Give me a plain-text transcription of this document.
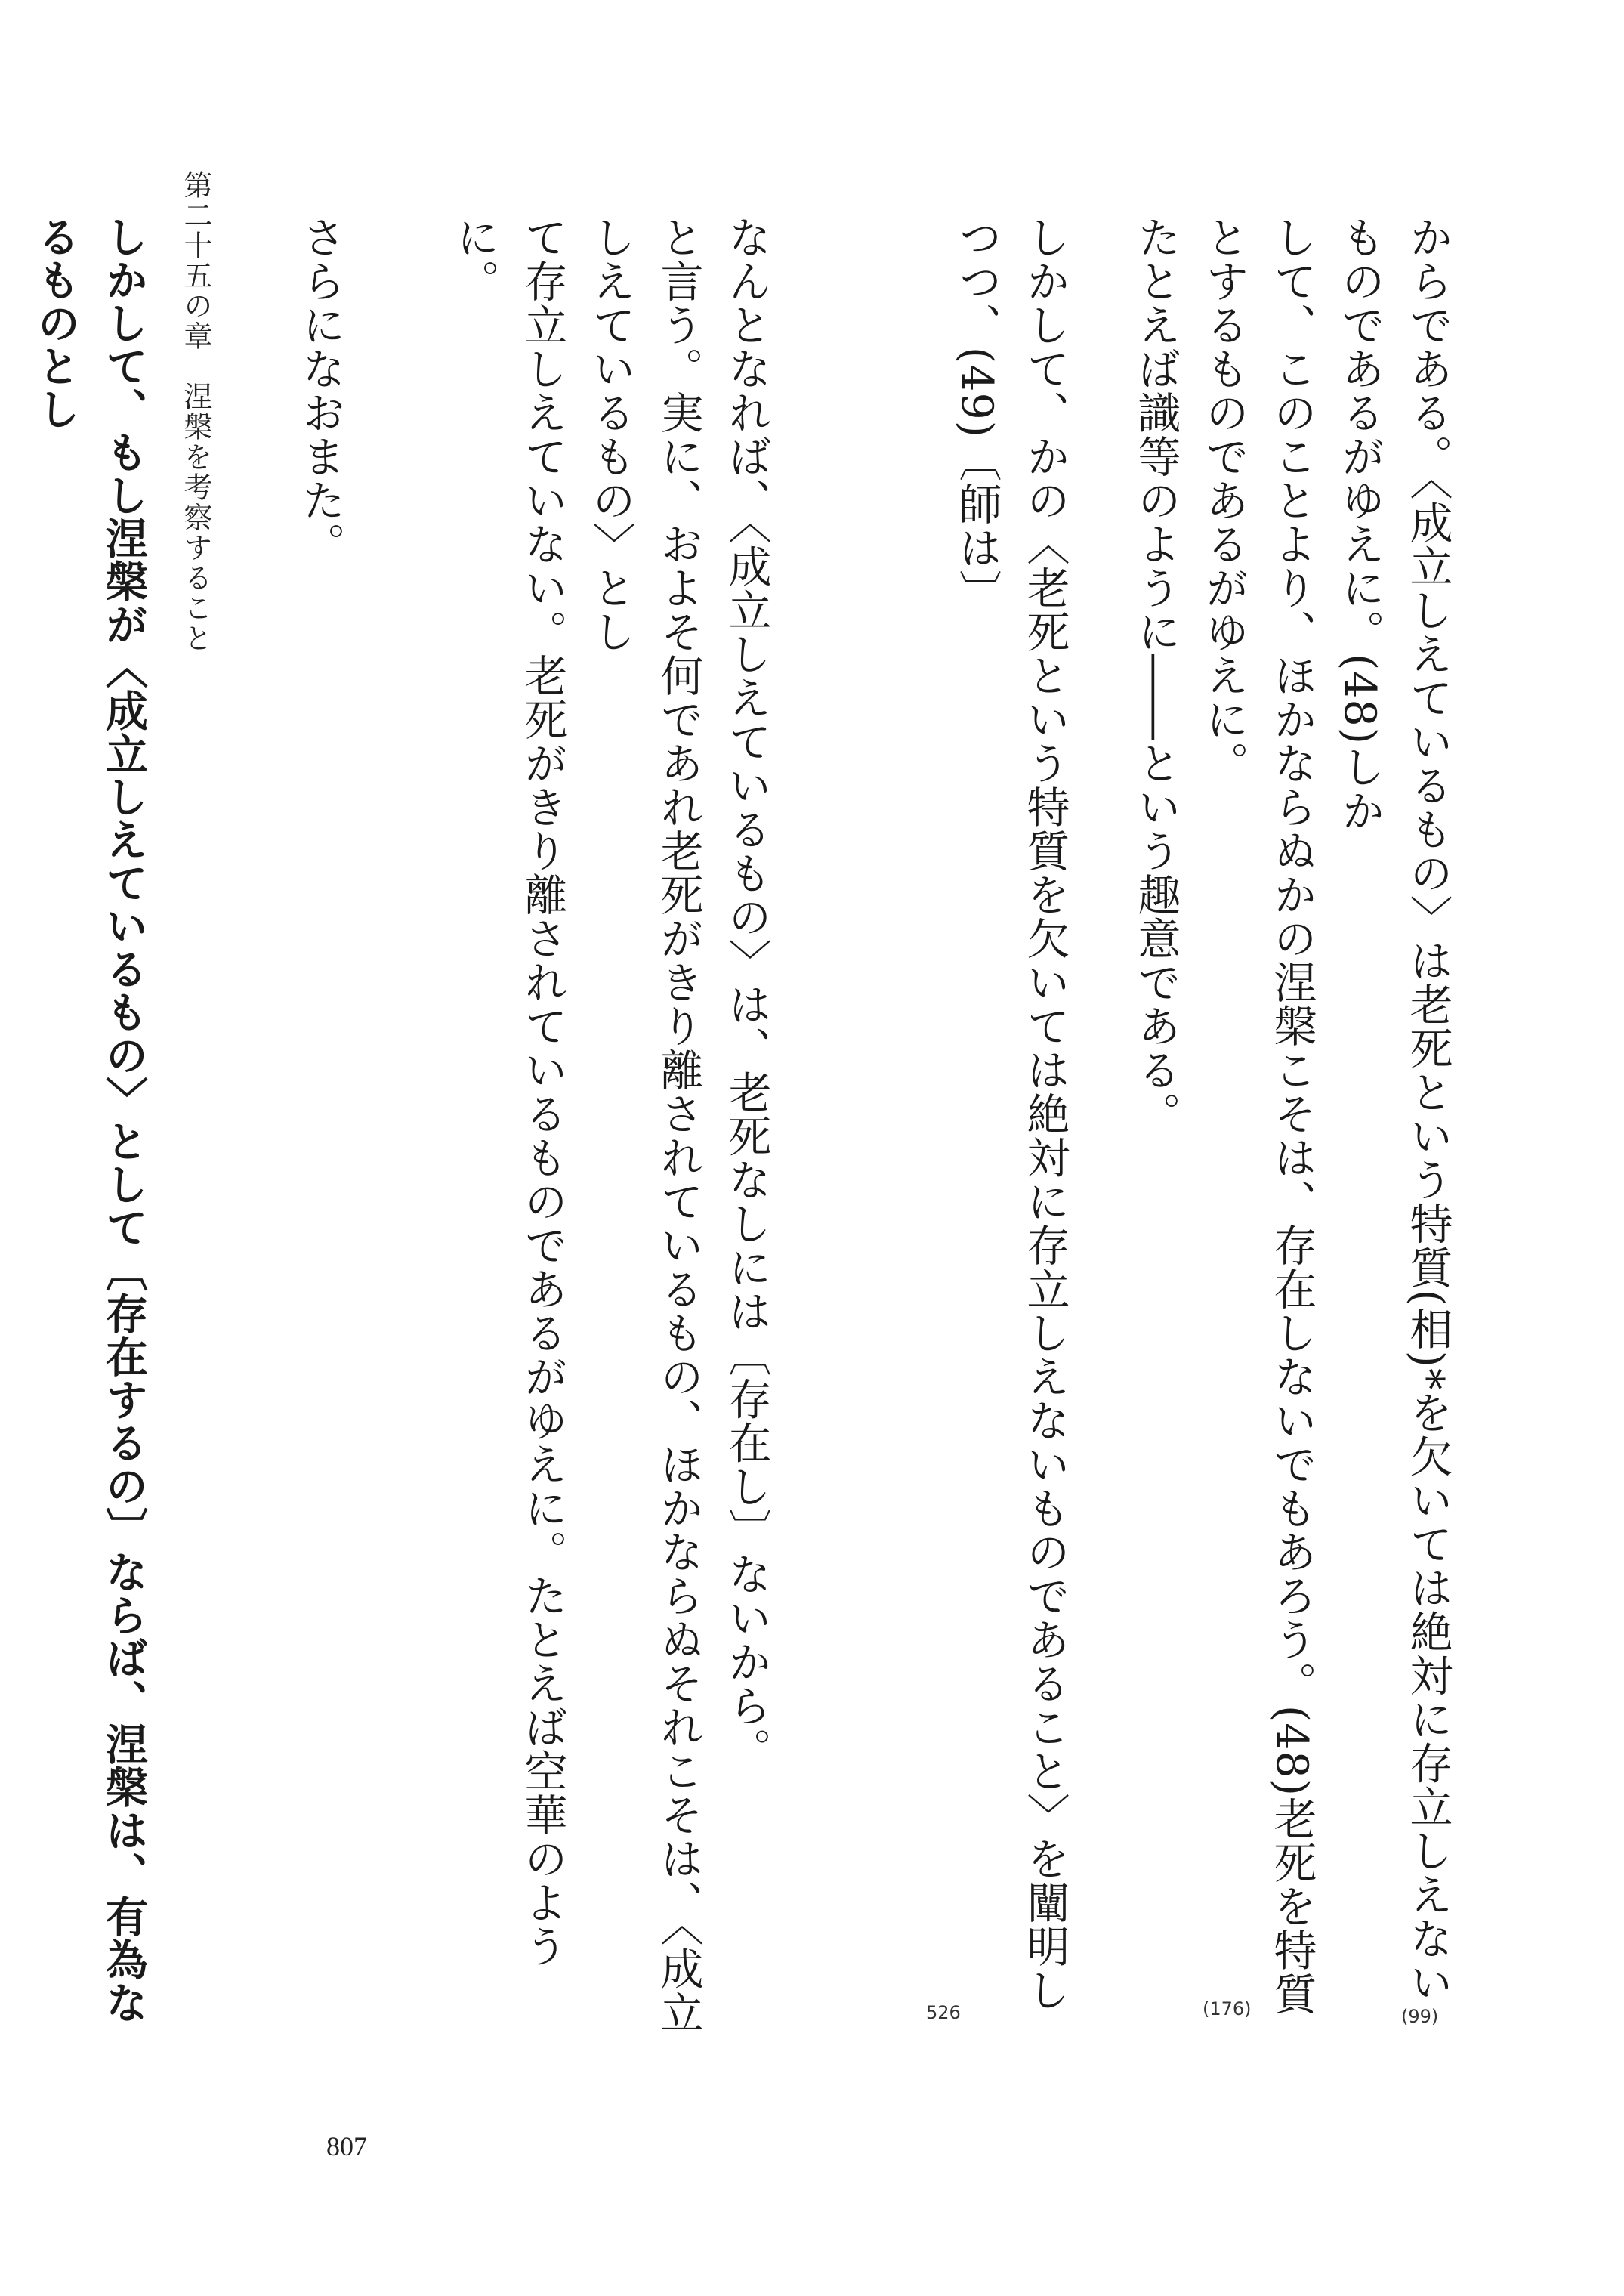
第二十五の章　涅槃を考察すること	からである。〈成立しえているもの〉は老死という特質(相)*を欠いては絶対に存立しえないものであるがゆえに。(48)しか

して、このことより、ほかならぬかの涅槃こそは、存在しないでもあろう。(48)老死を特質とするものであるがゆえに。

たとえば識等のように――という趣意である。

しかして、かの〈老死という特質を欠いては絶対に存立しえないものであること〉を闡明しつつ、(49)〔師は〕

なんとなれば、〈成立しえているもの〉は、老死なしには〔存在し〕ないから。

と言う。実に、およそ何であれ老死がきり離されているもの、ほかならぬそれこそは、〈成立しえているもの〉とし

て存立しえていない。老死がきり離されているものであるがゆえに。たとえば空華のように。

さらになおまた。

しかして、もし涅槃が〈成立しえているもの〉として〔存在するの〕ならば、涅槃は、有為なるものとし

(99)
(176)
526
807
